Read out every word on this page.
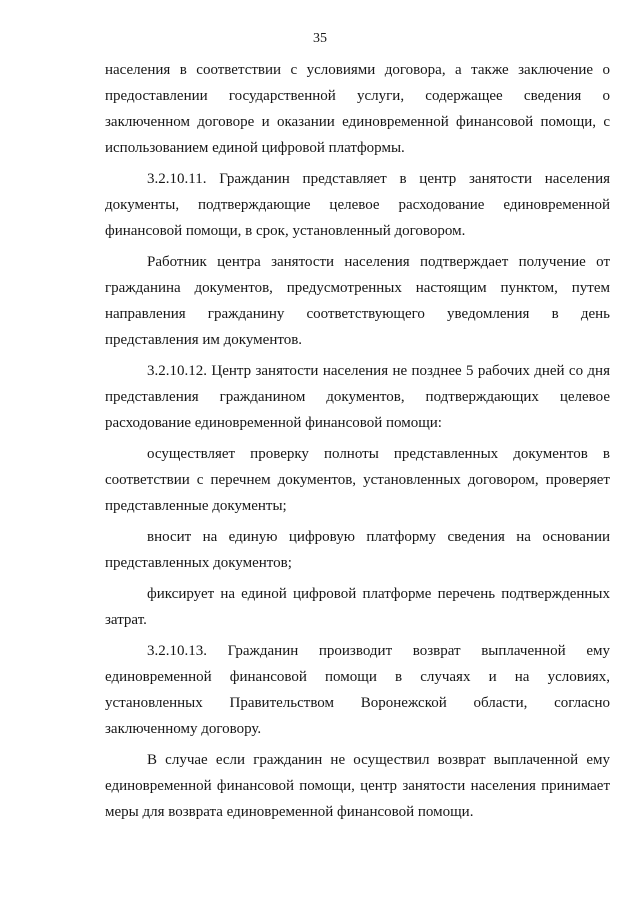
35

населения в соответствии с условиями договора, а также заключение о предоставлении государственной услуги, содержащее сведения о заключенном договоре и оказании единовременной финансовой помощи, с использованием единой цифровой платформы.

3.2.10.11. Гражданин представляет в центр занятости населения документы, подтверждающие целевое расходование единовременной финансовой помощи, в срок, установленный договором.

Работник центра занятости населения подтверждает получение от гражданина документов, предусмотренных настоящим пунктом, путем направления гражданину соответствующего уведомления в день представления им документов.

3.2.10.12. Центр занятости населения не позднее 5 рабочих дней со дня представления гражданином документов, подтверждающих целевое расходование единовременной финансовой помощи:

осуществляет проверку полноты представленных документов в соответствии с перечнем документов, установленных договором, проверяет представленные документы;

вносит на единую цифровую платформу сведения на основании представленных документов;

фиксирует на единой цифровой платформе перечень подтвержденных затрат.

3.2.10.13. Гражданин производит возврат выплаченной ему единовременной финансовой помощи в случаях и на условиях, установленных Правительством Воронежской области, согласно заключенному договору.

В случае если гражданин не осуществил возврат выплаченной ему единовременной финансовой помощи, центр занятости населения принимает меры для возврата единовременной финансовой помощи.
